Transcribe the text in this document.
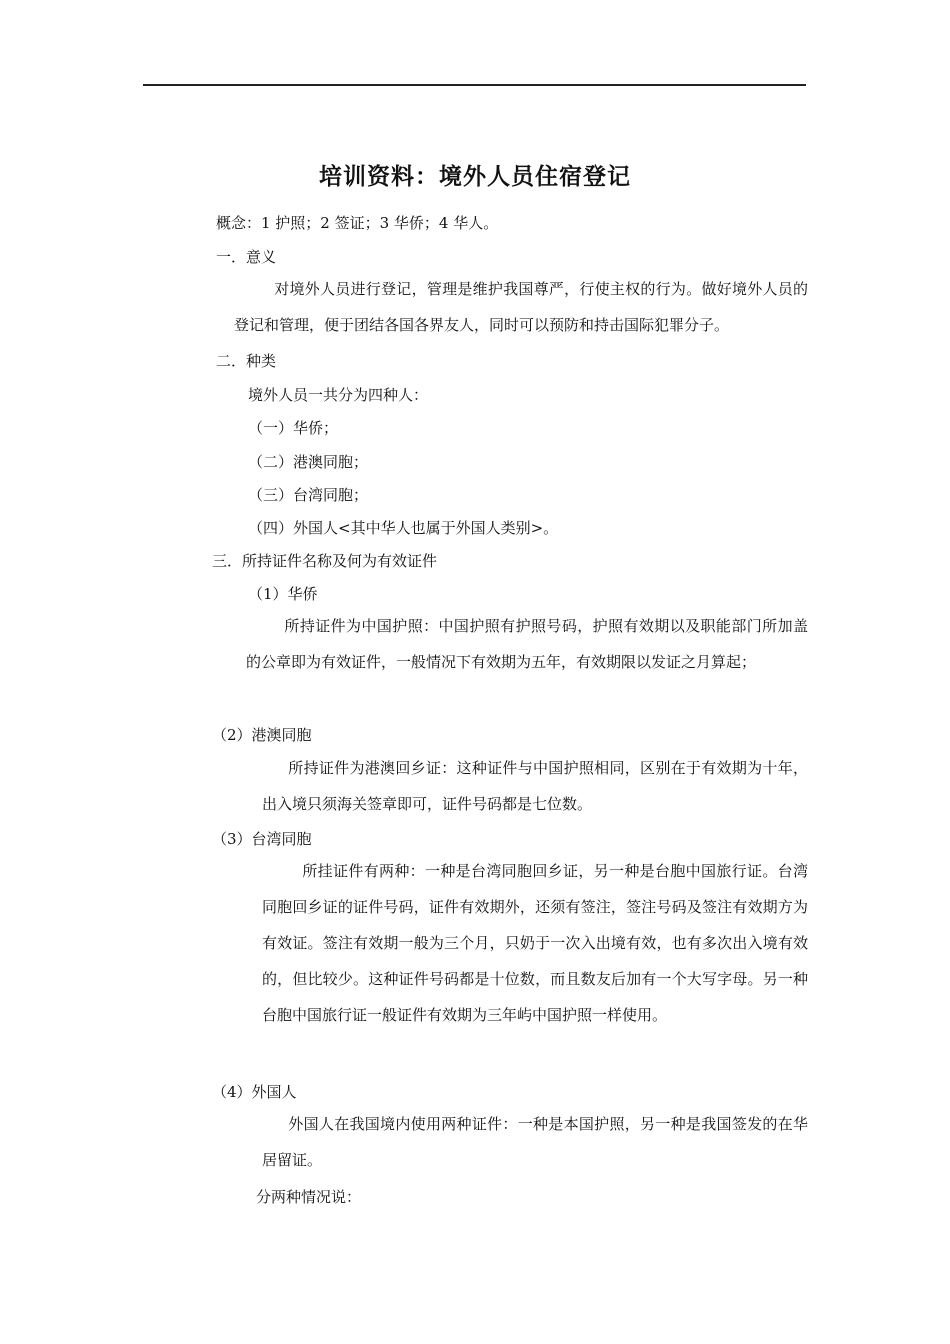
培训资料：境外人员住宿登记
概念：1 护照；2 签证；3 华侨；4 华人。
一．意义
对境外人员进行登记，管理是维护我国尊严，行使主权的行为。做好境外人员的登记和管理，便于团结各国各界友人，同时可以预防和持击国际犯罪分子。
二．种类
境外人员一共分为四种人：
（一）华侨；
（二）港澳同胞；
（三）台湾同胞；
（四）外国人<其中华人也属于外国人类别>。
三．所持证件名称及何为有效证件
（1）华侨
所持证件为中国护照：中国护照有护照号码，护照有效期以及职能部门所加盖的公章即为有效证件，一般情况下有效期为五年，有效期限以发证之月算起；
（2）港澳同胞
所持证件为港澳回乡证：这种证件与中国护照相同，区别在于有效期为十年，出入境只须海关签章即可，证件号码都是七位数。
（3）台湾同胞
所挂证件有两种：一种是台湾同胞回乡证，另一种是台胞中国旅行证。台湾同胞回乡证的证件号码，证件有效期外，还须有签注，签注号码及签注有效期方为有效证。签注有效期一般为三个月，只奶于一次入出境有效，也有多次出入境有效的，但比较少。这种证件号码都是十位数，而且数友后加有一个大写字母。另一种台胞中国旅行证一般证件有效期为三年屿中国护照一样使用。
（4）外国人
外国人在我国境内使用两种证件：一种是本国护照，另一种是我国签发的在华居留证。
分两种情况说：
